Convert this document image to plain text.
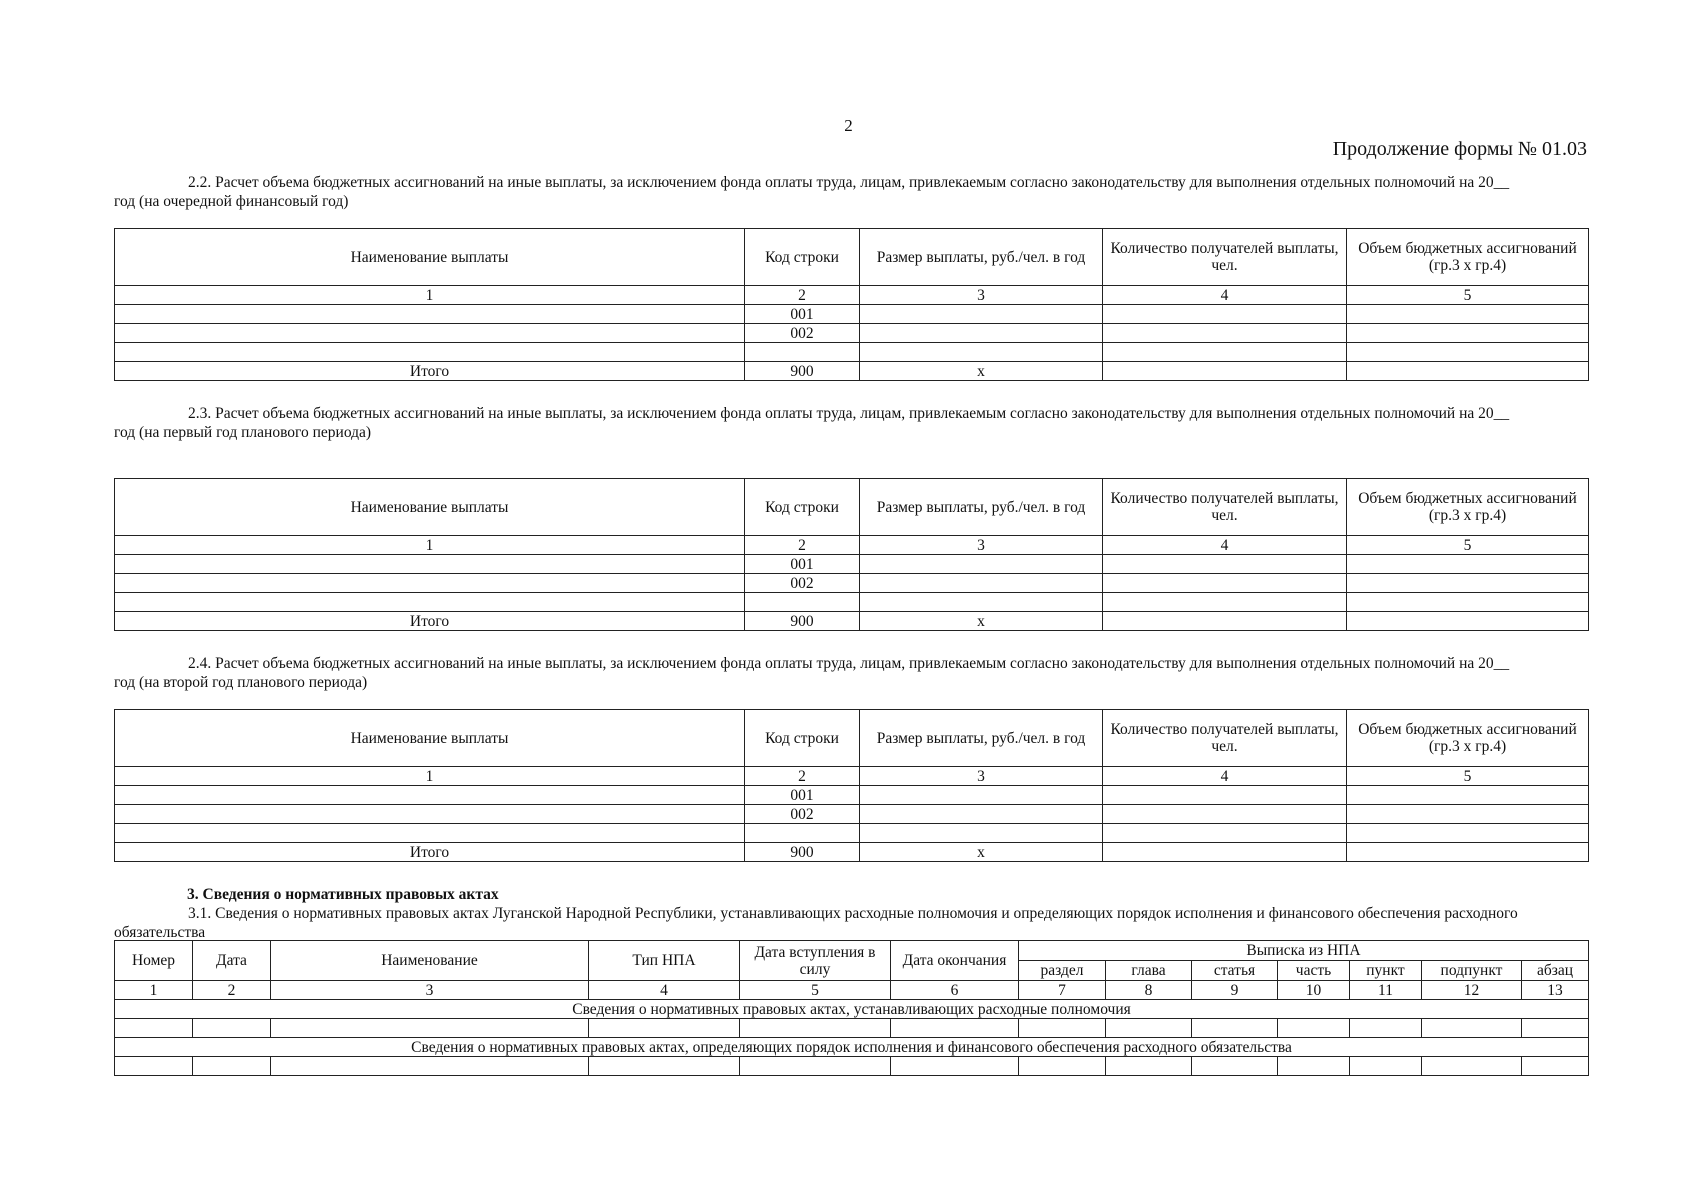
2
Продолжение формы № 01.03
2.2. Расчет объема бюджетных ассигнований на иные выплаты, за исключением фонда оплаты труда, лицам, привлекаемым согласно законодательству для выполнения отдельных полномочий на 20__
год (на очередной финансовый год)
Наименование выплаты	Код строки	Размер выплаты, руб./чел. в год	Количество получателей выплаты, чел.	Объем бюджетных ассигнований (гр.3 х гр.4)
1	2	3	4	5
	001			
	002			

Итого	900	x		
2.3. Расчет объема бюджетных ассигнований на иные выплаты, за исключением фонда оплаты труда, лицам, привлекаемым согласно законодательству для выполнения отдельных полномочий на 20__
год (на первый год планового периода)
Наименование выплаты	Код строки	Размер выплаты, руб./чел. в год	Количество получателей выплаты, чел.	Объем бюджетных ассигнований (гр.3 х гр.4)
1	2	3	4	5
	001			
	002			

Итого	900	x		
2.4. Расчет объема бюджетных ассигнований на иные выплаты, за исключением фонда оплаты труда, лицам, привлекаемым согласно законодательству для выполнения отдельных полномочий на 20__
год (на второй год планового периода)
Наименование выплаты	Код строки	Размер выплаты, руб./чел. в год	Количество получателей выплаты, чел.	Объем бюджетных ассигнований (гр.3 х гр.4)
1	2	3	4	5
	001			
	002			

Итого	900	x		
3. Сведения о нормативных правовых актах
3.1. Сведения о нормативных правовых актах Луганской Народной Республики, устанавливающих расходные полномочия и определяющих порядок исполнения и финансового обеспечения расходного
обязательства
Номер	Дата	Наименование	Тип НПА	Дата вступления в силу	Дата окончания	Выписка из НПА						
						раздел	глава	статья	часть	пункт	подпункт	абзац
1	2	3	4	5	6	7	8	9	10	11	12	13
Сведения о нормативных правовых актах, устанавливающих расходные полномочия												

Сведения о нормативных правовых актах, определяющих порядок исполнения и финансового обеспечения расходного обязательства												
